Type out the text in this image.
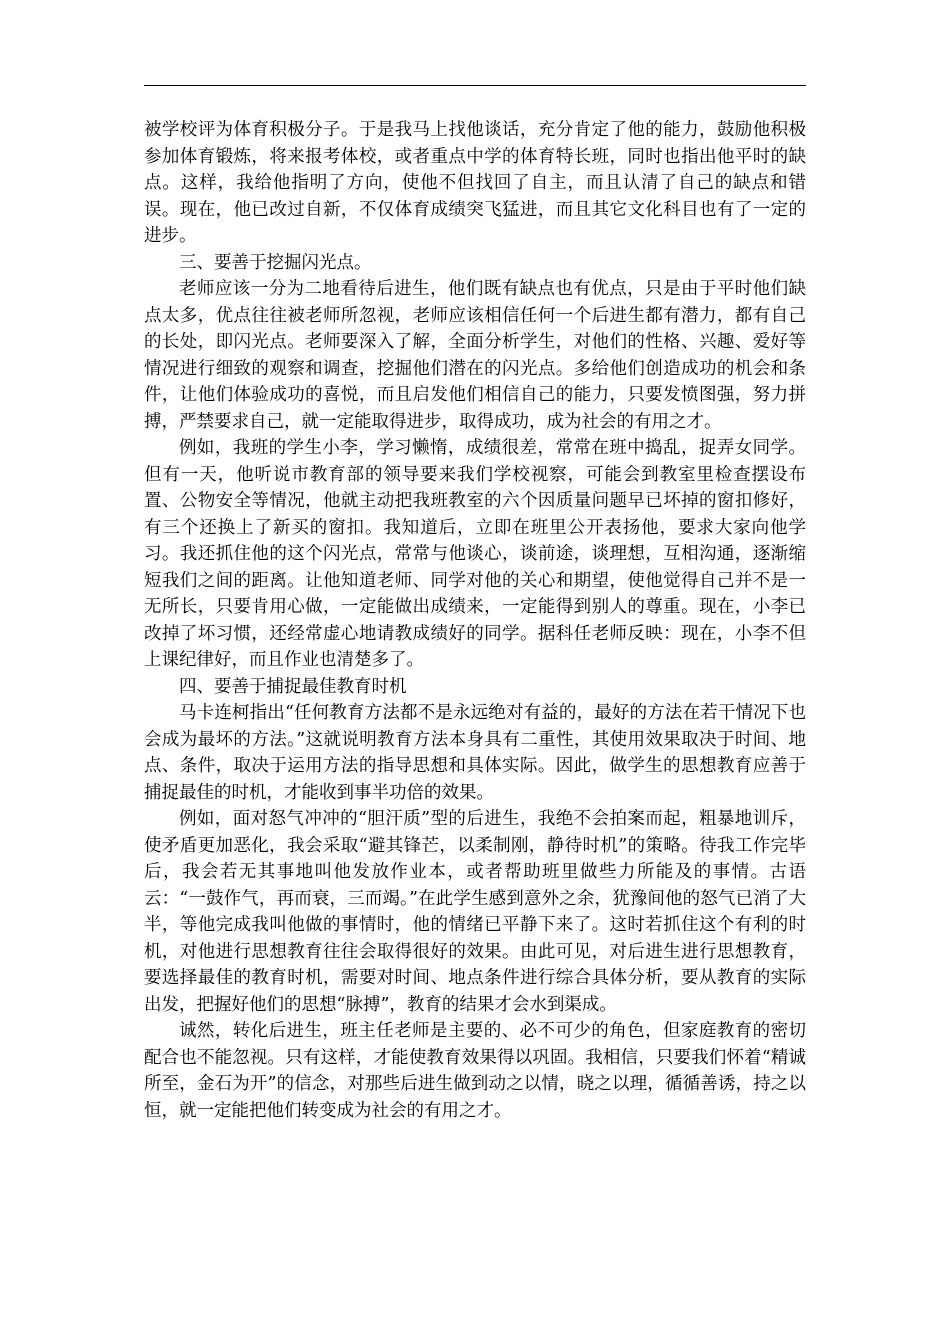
被学校评为体育积极分子。于是我马上找他谈话，充分肯定了他的能力，鼓励他积极参加体育锻炼，将来报考体校，或者重点中学的体育特长班，同时也指出他平时的缺点。这样，我给他指明了方向，使他不但找回了自主，而且认清了自己的缺点和错误。现在，他已改过自新，不仅体育成绩突飞猛进，而且其它文化科目也有了一定的进步。

三、要善于挖掘闪光点。

老师应该一分为二地看待后进生，他们既有缺点也有优点，只是由于平时他们缺点太多，优点往往被老师所忽视，老师应该相信任何一个后进生都有潜力，都有自己的长处，即闪光点。老师要深入了解，全面分析学生，对他们的性格、兴趣、爱好等情况进行细致的观察和调查，挖掘他们潜在的闪光点。多给他们创造成功的机会和条件，让他们体验成功的喜悦，而且启发他们相信自己的能力，只要发愤图强，努力拼搏，严禁要求自己，就一定能取得进步，取得成功，成为社会的有用之才。

例如，我班的学生小李，学习懒惰，成绩很差，常常在班中捣乱，捉弄女同学。但有一天，他听说市教育部的领导要来我们学校视察，可能会到教室里检查摆设布置、公物安全等情况，他就主动把我班教室的六个因质量问题早已坏掉的窗扣修好，有三个还换上了新买的窗扣。我知道后，立即在班里公开表扬他，要求大家向他学习。我还抓住他的这个闪光点，常常与他谈心，谈前途，谈理想，互相沟通，逐渐缩短我们之间的距离。让他知道老师、同学对他的关心和期望，使他觉得自己并不是一无所长，只要肯用心做，一定能做出成绩来，一定能得到别人的尊重。现在，小李已改掉了坏习惯，还经常虚心地请教成绩好的同学。据科任老师反映：现在，小李不但上课纪律好，而且作业也清楚多了。

四、要善于捕捉最佳教育时机

马卡连柯指出“任何教育方法都不是永远绝对有益的，最好的方法在若干情况下也会成为最坏的方法。”这就说明教育方法本身具有二重性，其使用效果取决于时间、地点、条件，取决于运用方法的指导思想和具体实际。因此，做学生的思想教育应善于捕捉最佳的时机，才能收到事半功倍的效果。

例如，面对怒气冲冲的“胆汗质”型的后进生，我绝不会拍案而起，粗暴地训斥，使矛盾更加恶化，我会采取“避其锋芒，以柔制刚，静待时机”的策略。待我工作完毕后，我会若无其事地叫他发放作业本，或者帮助班里做些力所能及的事情。古语云：“一鼓作气，再而衰，三而竭。”在此学生感到意外之余，犹豫间他的怒气已消了大半，等他完成我叫他做的事情时，他的情绪已平静下来了。这时若抓住这个有利的时机，对他进行思想教育往往会取得很好的效果。由此可见，对后进生进行思想教育，要选择最佳的教育时机，需要对时间、地点条件进行综合具体分析，要从教育的实际出发，把握好他们的思想“脉搏”，教育的结果才会水到渠成。

诚然，转化后进生，班主任老师是主要的、必不可少的角色，但家庭教育的密切配合也不能忽视。只有这样，才能使教育效果得以巩固。我相信，只要我们怀着“精诚所至，金石为开”的信念，对那些后进生做到动之以情，晓之以理，循循善诱，持之以恒，就一定能把他们转变成为社会的有用之才。
